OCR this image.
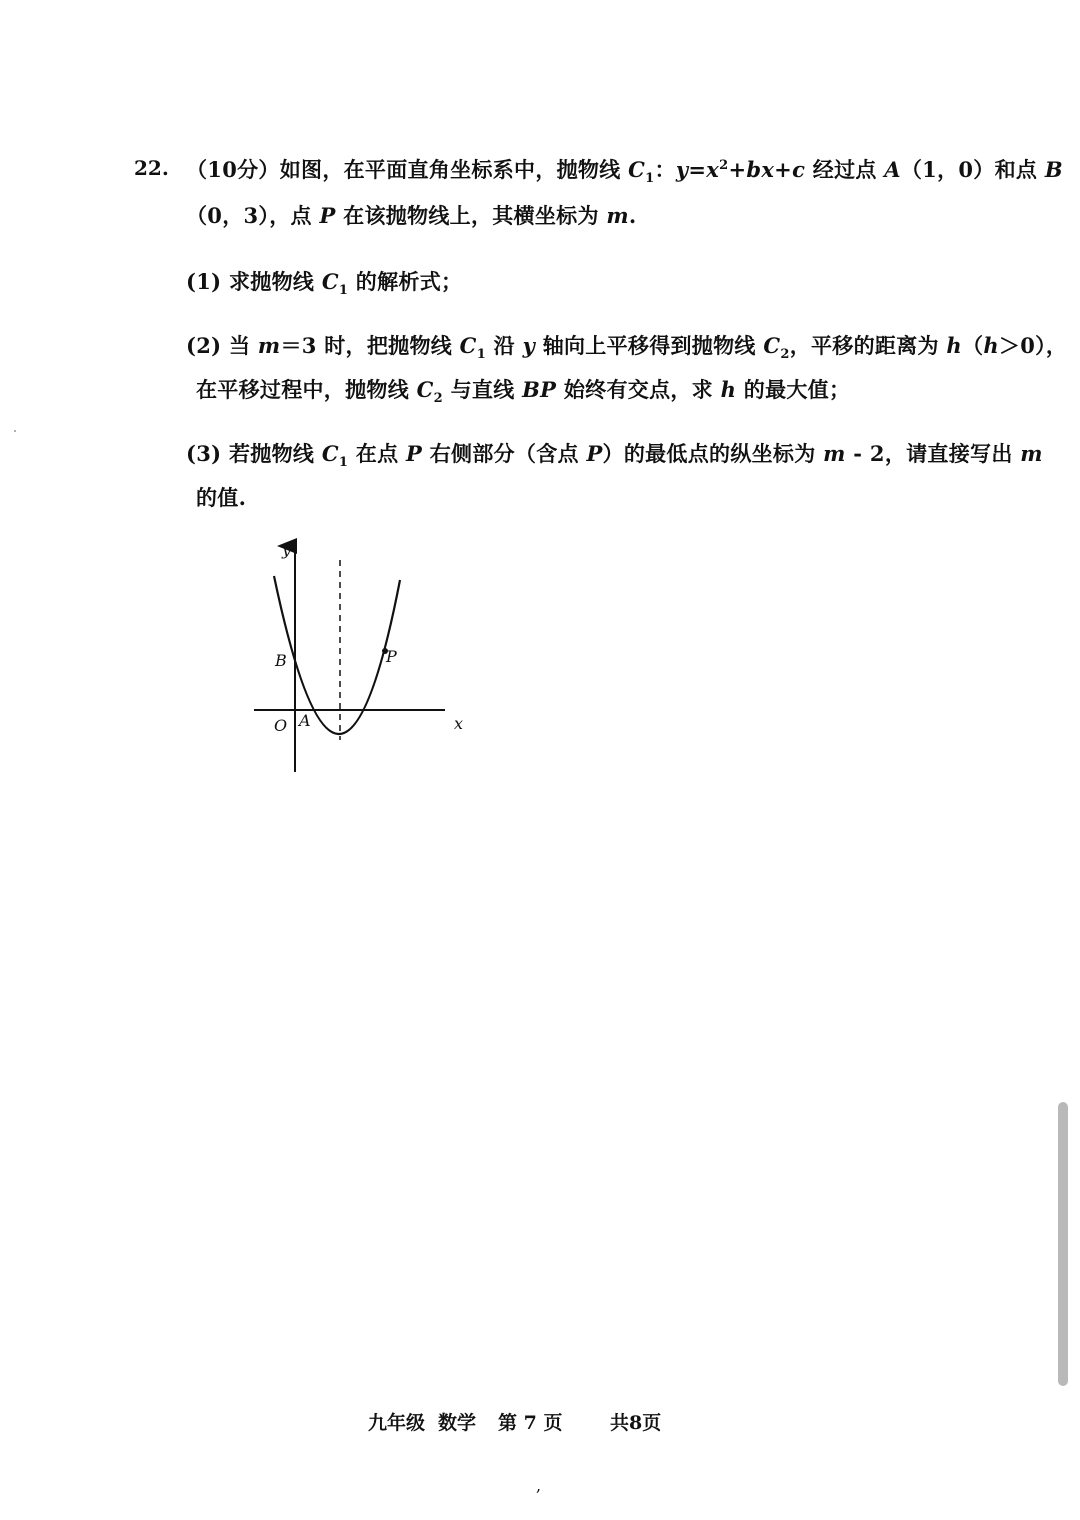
22. （10分）如图，在平面直角坐标系中，抛物线 $C_1$：$y=x^2+bx+c$ 经过点 A（1，0）和点 B
（0，3），点 P 在该抛物线上，其横坐标为 m.
(1) 求抛物线 $C_1$ 的解析式；
(2) 当 m＝3 时，把抛物线 $C_1$ 沿 y 轴向上平移得到抛物线 $C_2$，平移的距离为 h（h＞0），
在平移过程中，抛物线 $C_2$ 与直线 BP 始终有交点，求 h 的最大值；
(3) 若抛物线 $C_1$ 在点 P 右侧部分（含点 P）的最低点的纵坐标为 m - 2，请直接写出 m
的值.
y
x
O A
B	P
九年级 数学 第 7 页	共8页
,
